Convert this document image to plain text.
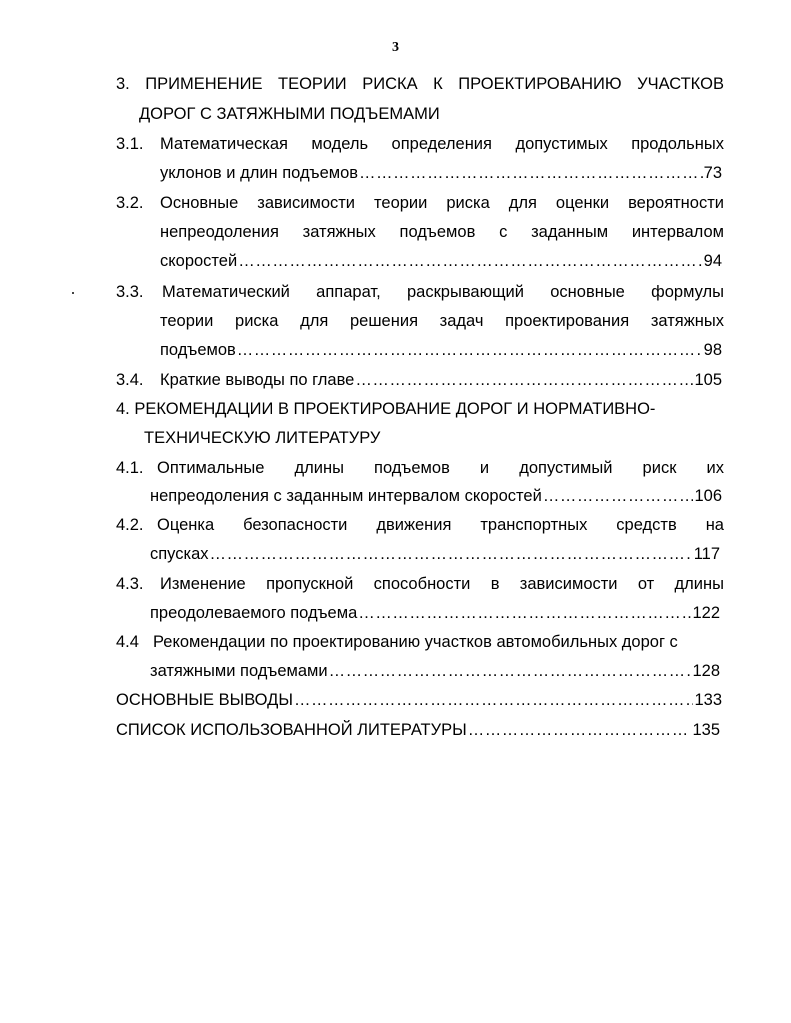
3
3. ПРИМЕНЕНИЕ ТЕОРИИ РИСКА К ПРОЕКТИРОВАНИЮ УЧАСТКОВ
ДОРОГ С ЗАТЯЖНЫМИ ПОДЪЕМАМИ
3.1. Математическая модель определения допустимых продольных
уклонов и длин подъемов ………………………………………………………………………………………………………………………………………………………………	73
3.2. Основные зависимости теории риска для оценки вероятности
непреодоления затяжных подъемов с заданным интервалом
скоростей ………………………………………………………………………………………………………………………………………………………………	94
3.3. Математический аппарат, раскрывающий основные формулы
теории риска для решения задач проектирования затяжных
подъемов ………………………………………………………………………………………………………………………………………………………………	98
3.4. Краткие выводы по главе ………………………………………………………………………………………………………………………………………………………………	105
4. РЕКОМЕНДАЦИИ В ПРОЕКТИРОВАНИЕ ДОРОГ И НОРМАТИВНО-
ТЕХНИЧЕСКУЮ ЛИТЕРАТУРУ
4.1. Оптимальные длины подъемов и допустимый риск их
непреодоления с заданным интервалом скоростей ………………………………………………………………………………………………………………………………………………………………	106
4.2. Оценка безопасности движения транспортных средств на
спусках ………………………………………………………………………………………………………………………………………………………………	117
4.3. Изменение пропускной способности в зависимости от длины
преодолеваемого подъема ………………………………………………………………………………………………………………………………………………………………	122
4.4 Рекомендации по проектированию участков автомобильных дорог с
затяжными подъемами ………………………………………………………………………………………………………………………………………………………………	128
ОСНОВНЫЕ ВЫВОДЫ ………………………………………………………………………………………………………………………………………………………………	133
СПИСОК ИСПОЛЬЗОВАННОЙ ЛИТЕРАТУРЫ ………………………………………………………………………………………………………………………………………………………………	135
